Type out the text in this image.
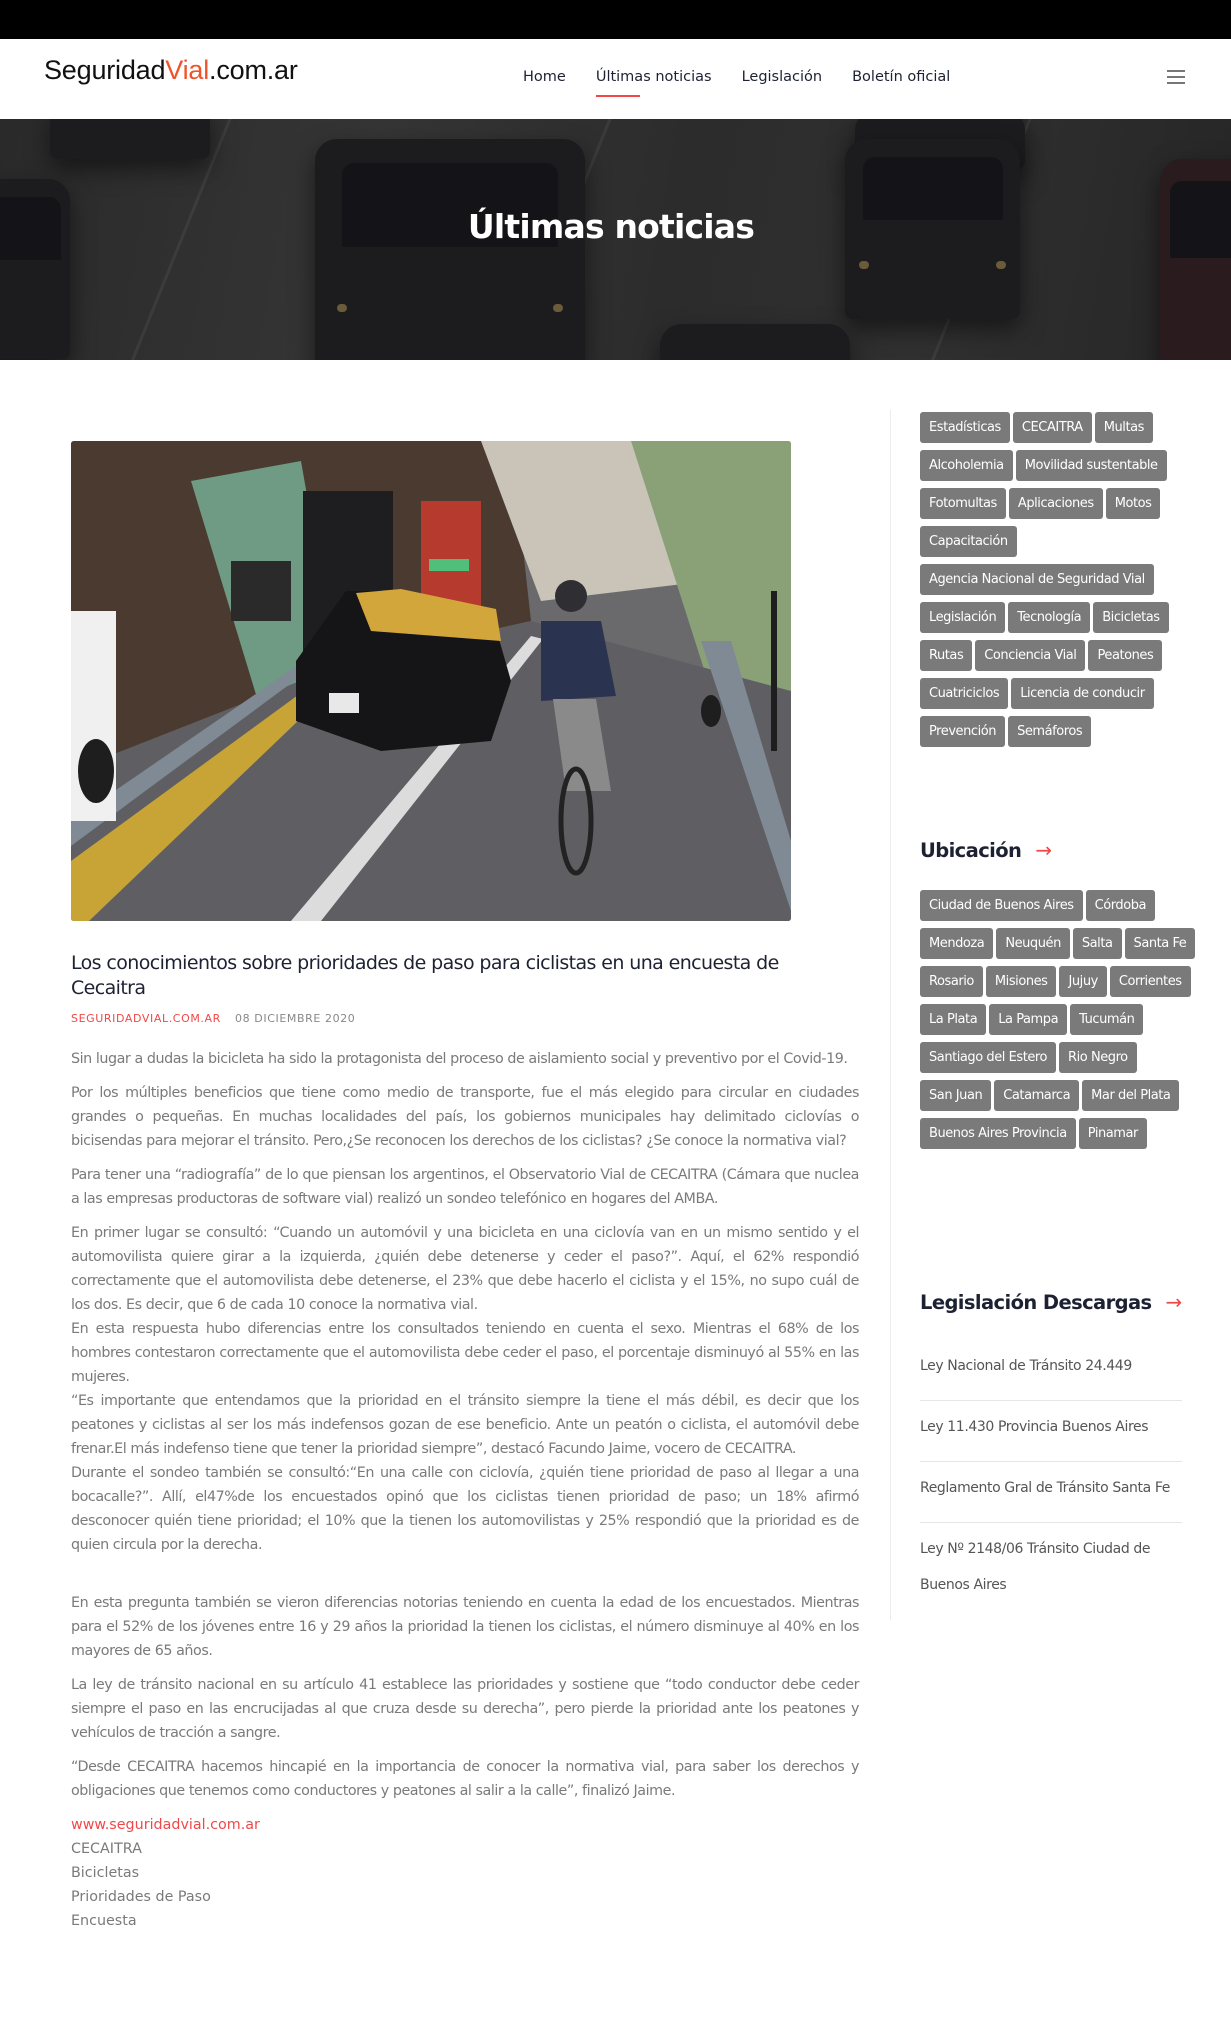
SeguridadVial.com.ar	Home Últimas noticias Legislación Boletín oficial
Últimas noticias
Los conocimientos sobre prioridades de paso para ciclistas en una encuesta de Cecaitra
SEGURIDADVIAL.COM.AR 08 DICIEMBRE 2020

Sin lugar a dudas la bicicleta ha sido la protagonista del proceso de aislamiento social y preventivo por el Covid-19.

Por los múltiples beneficios que tiene como medio de transporte, fue el más elegido para circular en ciudades grandes o pequeñas. En muchas localidades del país, los gobiernos municipales hay delimitado ciclovías o bicisendas para mejorar el tránsito. Pero,¿Se reconocen los derechos de los ciclistas? ¿Se conoce la normativa vial?

Para tener una “radiografía” de lo que piensan los argentinos, el Observatorio Vial de CECAITRA (Cámara que nuclea a las empresas productoras de software vial) realizó un sondeo telefónico en hogares del AMBA.

En primer lugar se consultó: “Cuando un automóvil y una bicicleta en una ciclovía van en un mismo sentido y el automovilista quiere girar a la izquierda, ¿quién debe detenerse y ceder el paso?”. Aquí, el 62% respondió correctamente que el automovilista debe detenerse, el 23% que debe hacerlo el ciclista y el 15%, no supo cuál de los dos. Es decir, que 6 de cada 10 conoce la normativa vial.

En esta respuesta hubo diferencias entre los consultados teniendo en cuenta el sexo. Mientras el 68% de los hombres contestaron correctamente que el automovilista debe ceder el paso, el porcentaje disminuyó al 55% en las mujeres.

“Es importante que entendamos que la prioridad en el tránsito siempre la tiene el más débil, es decir que los peatones y ciclistas al ser los más indefensos gozan de ese beneficio. Ante un peatón o ciclista, el automóvil debe frenar.El más indefenso tiene que tener la prioridad siempre”, destacó Facundo Jaime, vocero de CECAITRA.

Durante el sondeo también se consultó:“En una calle con ciclovía, ¿quién tiene prioridad de paso al llegar a una bocacalle?”. Allí, el47%de los encuestados opinó que los ciclistas tienen prioridad de paso; un 18% afirmó desconocer quién tiene prioridad; el 10% que la tienen los automovilistas y 25% respondió que la prioridad es de quien circula por la derecha.

En esta pregunta también se vieron diferencias notorias teniendo en cuenta la edad de los encuestados. Mientras para el 52% de los jóvenes entre 16 y 29 años la prioridad la tienen los ciclistas, el número disminuye al 40% en los mayores de 65 años.

La ley de tránsito nacional en su artículo 41 establece las prioridades y sostiene que “todo conductor debe ceder siempre el paso en las encrucijadas al que cruza desde su derecha”, pero pierde la prioridad ante los peatones y vehículos de tracción a sangre.

“Desde CECAITRA hacemos hincapié en la importancia de conocer la normativa vial, para saber los derechos y obligaciones que tenemos como conductores y peatones al salir a la calle”, finalizó Jaime.

www.seguridadvial.com.ar
CECAITRA
Bicicletas
Prioridades de Paso
Encuesta
Estadísticas	CECAITRA	Multas
Alcoholemia	Movilidad sustentable
Fotomultas	Aplicaciones	Motos
Capacitación
Agencia Nacional de Seguridad Vial
Legislación	Tecnología	Bicicletas
Rutas	Conciencia Vial	Peatones
Cuatriciclos	Licencia de conducir
Prevención	Semáforos
Ubicación →
Ciudad de Buenos Aires	Córdoba
Mendoza	Neuquén	Salta	Santa Fe
Rosario	Misiones	Jujuy	Corrientes
La Plata	La Pampa	Tucumán
Santiago del Estero	Rio Negro
San Juan	Catamarca	Mar del Plata
Buenos Aires Provincia	Pinamar
Legislación Descargas →
Ley Nacional de Tránsito 24.449
Ley 11.430 Provincia Buenos Aires
Reglamento Gral de Tránsito Santa Fe
Ley Nº 2148/06 Tránsito Ciudad de Buenos Aires
